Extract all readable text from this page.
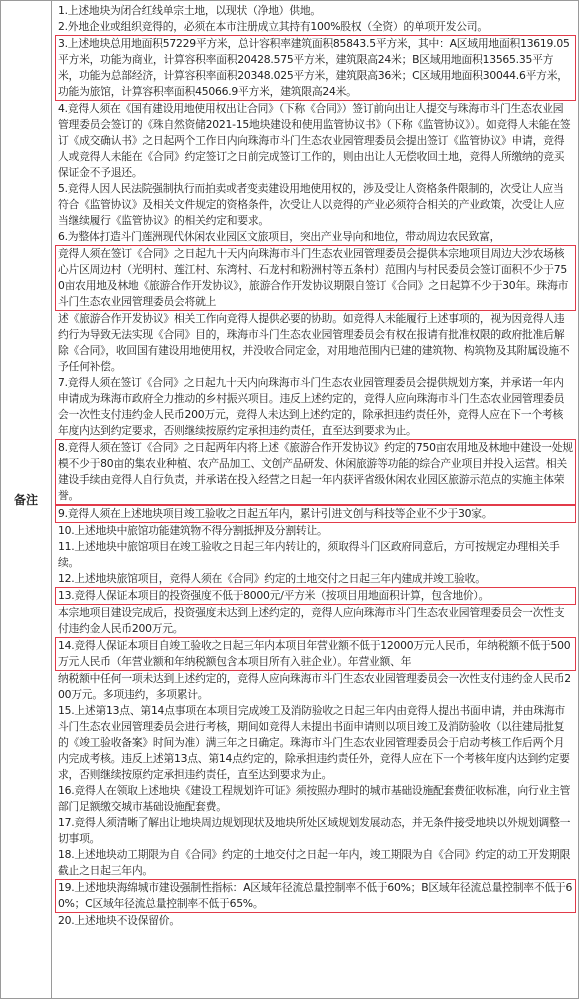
备注
1.上述地块为闭合红线单宗土地，以现状（净地）供地。
2.外地企业或组织竞得的，必须在本市注册成立其持有100%股权（全资）的单项开发公司。
3.上述地块总用地面积57229平方米，总计容积率建筑面积85843.5平方米，其中：A区域用地面积13619.05平方米，功能为商业，计算容积率面积20428.575平方米，建筑限高24米；B区域用地面积13565.35平方米，功能为总部经济，计算容积率面积20348.025平方米，建筑限高36米；C区域用地面积30044.6平方米，功能为旅馆，计算容积率面积45066.9平方米，建筑限高24米。
4.竞得人须在《国有建设用地使用权出让合同》（下称《合同》）签订前向出让人提交与珠海市斗门生态农业园管理委员会签订的《珠自然资储2021-15地块建设和使用监管协议书》（下称《监管协议》）。如竞得人未能在签订《成交确认书》之日起两个工作日内向珠海市斗门生态农业园管理委员会提出签订《监管协议》申请，竞得人或竞得人未能在《合同》约定签订之日前完成签订工作的，则由出让人无偿收回土地，竞得人所缴纳的竞买保证金不予退还。
5.竞得人因人民法院强制执行而拍卖或者变卖建设用地使用权的，涉及受让人资格条件限制的，次受让人应当符合《监管协议》及相关文件规定的资格条件，次受让人以竞得的产业必须符合相关的产业政策，次受让人应当继续履行《监管协议》的相关约定和要求。
6.为整体打造斗门莲洲现代休闲农业园区文旅项目，突出产业导向和地位，带动周边农民致富，
竞得人须在签订《合同》之日起九十天内向珠海市斗门生态农业园管理委员会提供本宗地项目周边大沙农场核心片区周边村（光明村、莲江村、东湾村、石龙村和粉洲村等五条村）范围内与村民委员会签订面积不少于750亩农用地及林地《旅游合作开发协议》，旅游合作开发协议期限自签订《合同》之日起算不少于30年。珠海市斗门生态农业园管理委员会将就上
述《旅游合作开发协议》相关工作向竞得人提供必要的协助。如竞得人未能履行上述事项的，视为因竞得人违约行为导致无法实现《合同》目的，珠海市斗门生态农业园管理委员会有权在报请有批准权限的政府批准后解除《合同》，收回国有建设用地使用权，并没收合同定金，对用地范围内已建的建筑物、构筑物及其附属设施不予任何补偿。
7.竞得人须在签订《合同》之日起九十天内向珠海市斗门生态农业园管理委员会提供规划方案，并承诺一年内申请成为珠海市政府全力推动的乡村振兴项目。违反上述约定的，竞得人应向珠海市斗门生态农业园管理委员会一次性支付违约金人民币200万元，竞得人未达到上述约定的，除承担违约责任外，竞得人应在下一个考核年度内达到约定要求，否则继续按原约定承担违约责任，直至达到要求为止。
8.竞得人须在签订《合同》之日起两年内将上述《旅游合作开发协议》约定的750亩农用地及林地中建设一处规模不少于80亩的集农业种植、农产品加工、文创产品研发、休闲旅游等功能的综合产业项目并投入运营。相关建设手续由竞得人自行负责，并承诺在投入经营之日起一年内获评省级休闲农业园区旅游示范点的实施主体荣誉。
9.竞得人须在上述地块项目竣工验收之日起五年内，累计引进文创与科技等企业不少于30家。
10.上述地块中旅馆功能建筑物不得分割抵押及分割转让。
11.上述地块中旅馆项目在竣工验收之日起三年内转让的，须取得斗门区政府同意后，方可按规定办理相关手续。
12.上述地块旅馆项目，竞得人须在《合同》约定的土地交付之日起三年内建成并竣工验收。
13.竞得人保证本项目的投资强度不低于8000元/平方米（按项目用地面积计算，包含地价）。
本宗地项目建设完成后，投资强度未达到上述约定的，竞得人应向珠海市斗门生态农业园管理委员会一次性支付违约金人民币200万元。
14.竞得人保证本项目自竣工验收之日起三年内本项目年营业额不低于12000万元人民币，年纳税额不低于500万元人民币（年营业额和年纳税额包含本项目所有入驻企业）。年营业额、年
纳税额中任何一项未达到上述约定的，竞得人应向珠海市斗门生态农业园管理委员会一次性支付违约金人民币200万元。多项违约，多项累计。
15.上述第13点、第14点事项在本项目完成竣工及消防验收之日起三年内由竞得人提出书面申请，并由珠海市斗门生态农业园管理委员会进行考核，期间如竞得人未提出书面申请则以项目竣工及消防验收（以往建局批复的《竣工验收备案》时间为准）满三年之日确定。珠海市斗门生态农业园管理委员会于启动考核工作后两个月内完成考核。违反上述第13点、第14点约定的，除承担违约责任外，竞得人应在下一个考核年度内达到约定要求，否则继续按原约定承担违约责任，直至达到要求为止。
16.竞得人在领取上述地块《建设工程规划许可证》须按照办理时的城市基础设施配套费征收标准，向行业主管部门足额缴交城市基础设施配套费。
17.竞得人须清晰了解出让地块周边规划现状及地块所处区域规划发展动态，并无条件接受地块以外规划调整一切事项。
18.上述地块动工期限为自《合同》约定的土地交付之日起一年内，竣工期限为自《合同》约定的动工开发期限截止之日起三年内。
19.上述地块海绵城市建设强制性指标：A区域年径流总量控制率不低于60%；B区域年径流总量控制率不低于60%；C区域年径流总量控制率不低于65%。
20.上述地块不设保留价。
